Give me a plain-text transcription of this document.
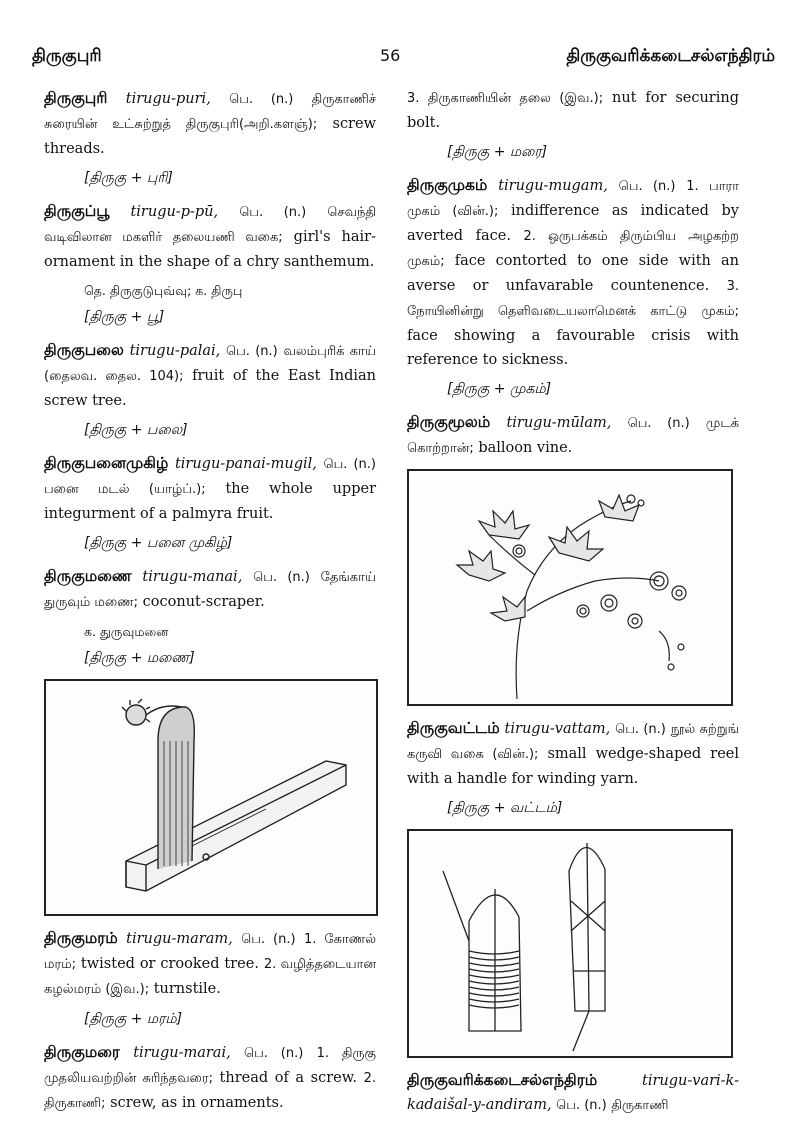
திருகுபுரி	56	திருகுவரிக்கடைசல்எந்திரம்
திருகுபுரி tirugu-puri, பெ. (n.) திருகாணிச் சுரையின் உட்சுற்றுத் திருகுபுரி(அறி.களஞ்); screw threads.
[திருகு + புரி]
திருகுப்பூ tirugu-p-pū, பெ. (n.) செவந்தி வடிவிலான மகளிர் தலையணி வகை; girl's hair-ornament in the shape of a chry santhemum.
தெ. திருகுடுபுவ்வு; க. திருபு
[திருகு + பூ]
திருகுபலை tirugu-palai, பெ. (n.) வலம்புரிக் காய் (தைலவ. தைல. 104); fruit of the East Indian screw tree.
[திருகு + பலை]
திருகுபனைமுகிழ் tirugu-panai-mugil, பெ. (n.) பனை மடல் (யாழ்ப்.); the whole upper integurment of a palmyra fruit.
[திருகு + பனை முகிழ்]
திருகுமணை tirugu-manai, பெ. (n.) தேங்காய் துருவும் மணை; coconut-scraper.
க. துருவுமனை
[திருகு + மணை]
திருகுமரம் tirugu-maram, பெ. (n.) 1. கோணல் மரம்; twisted or crooked tree. 2. வழித்தடையான கழல்மரம் (இவ.); turnstile.
[திருகு + மரம்]
திருகுமரை tirugu-marai, பெ. (n.) 1. திருகு முதலியவற்றின் சுரிந்தவரை; thread of a screw. 2. திருகாணி; screw, as in ornaments.
3. திருகாணியின் தலை (இவ.); nut for securing bolt.
[திருகு + மரை]
திருகுமுகம் tirugu-mugam, பெ. (n.) 1. பாரா முகம் (வின்.); indifference as indicated by averted face. 2. ஒருபக்கம் திரும்பிய அழகற்ற முகம்; face contorted to one side with an averse or unfavarable countenence. 3. நோயினின்று தெளிவடையலாமெனக் காட்டு முகம்; face showing a favourable crisis with reference to sickness.
[திருகு + முகம்]
திருகுமூலம் tirugu-mūlam, பெ. (n.) முடக் கொற்றான்; balloon vine.
திருகுவட்டம் tirugu-vattam, பெ. (n.) நூல் சுற்றுங் கருவி வகை (வின்.); small wedge-shaped reel with a handle for winding yarn.
[திருகு + வட்டம்]
திருகுவரிக்கடைசல்எந்திரம்	tirugu-vari-k-kadaišal-y-andiram, பெ. (n.) திருகாணி
